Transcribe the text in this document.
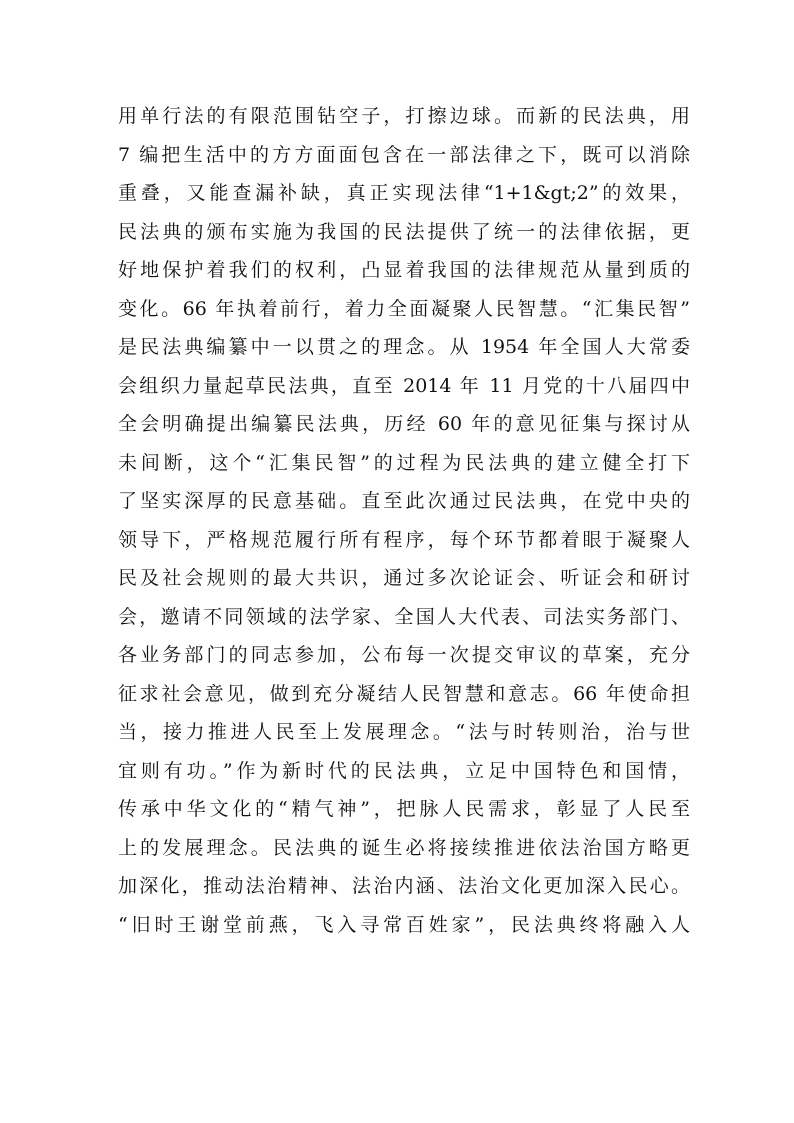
用单行法的有限范围钻空子，打擦边球。而新的民法典，用
7 编把生活中的方方面面包含在一部法律之下，既可以消除
重叠，又能查漏补缺，真正实现法律“1+1&gt;2”的效果，
民法典的颁布实施为我国的民法提供了统一的法律依据，更
好地保护着我们的权利，凸显着我国的法律规范从量到质的
变化。66 年执着前行，着力全面凝聚人民智慧。“汇集民智”
是民法典编纂中一以贯之的理念。从 1954 年全国人大常委
会组织力量起草民法典，直至 2014 年 11 月党的十八届四中
全会明确提出编纂民法典，历经 60 年的意见征集与探讨从
未间断，这个“汇集民智”的过程为民法典的建立健全打下
了坚实深厚的民意基础。直至此次通过民法典，在党中央的
领导下，严格规范履行所有程序，每个环节都着眼于凝聚人
民及社会规则的最大共识，通过多次论证会、听证会和研讨
会，邀请不同领域的法学家、全国人大代表、司法实务部门、
各业务部门的同志参加，公布每一次提交审议的草案，充分
征求社会意见，做到充分凝结人民智慧和意志。66 年使命担
当，接力推进人民至上发展理念。“法与时转则治，治与世
宜则有功。”作为新时代的民法典，立足中国特色和国情，
传承中华文化的“精气神”，把脉人民需求，彰显了人民至
上的发展理念。民法典的诞生必将接续推进依法治国方略更
加深化，推动法治精神、法治内涵、法治文化更加深入民心。
“旧时王谢堂前燕，飞入寻常百姓家”，民法典终将融入人
